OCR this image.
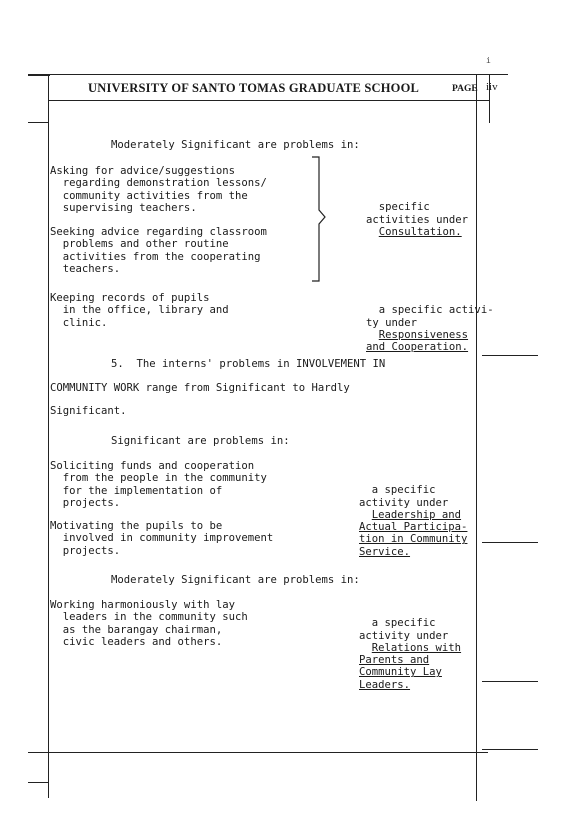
i
UNIVERSITY OF SANTO TOMAS GRADUATE SCHOOL	PAGE iiv
Moderately Significant are problems in:
Asking for advice/suggestions
regarding demonstration lessons/
community activities from the
supervising teachers.
Seeking advice regarding classroom
problems and other routine
activities from the cooperating
teachers.

specific
activities under
Consultation.

Keeping records of pupils
in the office, library and
clinic.

a specific activi-
ty under
Responsiveness
and Cooperation.

5.  The interns' problems in INVOLVEMENT IN
COMMUNITY WORK range from Significant to Hardly
Significant.
Significant are problems in:
Soliciting funds and cooperation
from the people in the community
for the implementation of
projects.
Motivating the pupils to be
involved in community improvement
projects.

a specific
activity under
Leadership and
Actual Participa-
tion in Community
Service.

Moderately Significant are problems in:
Working harmoniously with lay
leaders in the community such
as the barangay chairman,
civic leaders and others.

a specific
activity under
Relations with
Parents and
Community Lay
Leaders.
